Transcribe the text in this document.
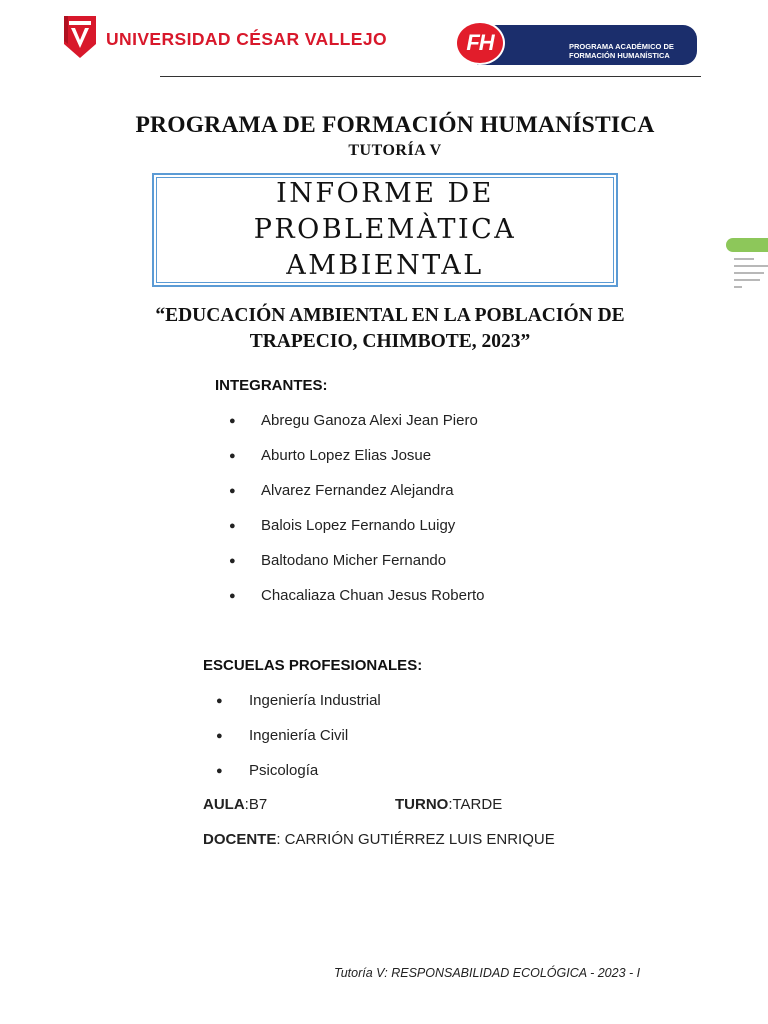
UNIVERSIDAD CÉSAR VALLEJO	PROGRAMA ACADÉMICO DE
FORMACIÓN HUMANÍSTICA
FH
PROGRAMA DE FORMACIÓN HUMANÍSTICA
TUTORÍA V
INFORME DE
PROBLEMÀTICA
AMBIENTAL
“EDUCACIÓN AMBIENTAL EN LA POBLACIÓN DE
TRAPECIO, CHIMBOTE, 2023”
INTEGRANTES:
● Abregu Ganoza Alexi Jean Piero
● Aburto Lopez Elias Josue
● Alvarez Fernandez Alejandra
● Balois Lopez Fernando Luigy
● Baltodano Micher Fernando
● Chacaliaza Chuan Jesus Roberto
ESCUELAS PROFESIONALES:
● Ingeniería Industrial
● Ingeniería Civil
● Psicología
AULA:B7	TURNO:TARDE
DOCENTE: CARRIÓN GUTIÉRREZ LUIS ENRIQUE
Tutoría V: RESPONSABILIDAD ECOLÓGICA - 2023 - I
